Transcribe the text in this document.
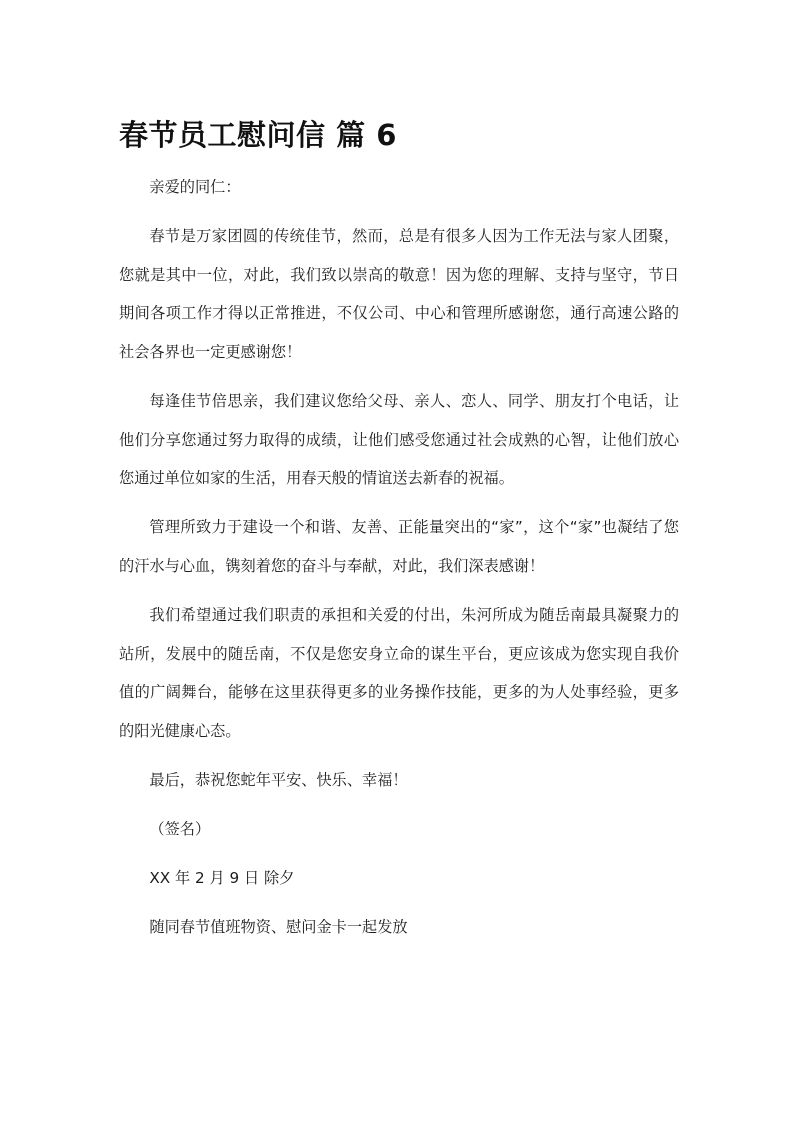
春节员工慰问信 篇 6

亲爱的同仁：

春节是万家团圆的传统佳节，然而，总是有很多人因为工作无法与家人团聚，您就是其中一位，对此，我们致以崇高的敬意！因为您的理解、支持与坚守，节日期间各项工作才得以正常推进，不仅公司、中心和管理所感谢您，通行高速公路的社会各界也一定更感谢您！

每逢佳节倍思亲，我们建议您给父母、亲人、恋人、同学、朋友打个电话，让他们分享您通过努力取得的成绩，让他们感受您通过社会成熟的心智，让他们放心您通过单位如家的生活，用春天般的情谊送去新春的祝福。

管理所致力于建设一个和谐、友善、正能量突出的“家”，这个“家”也凝结了您的汗水与心血，镌刻着您的奋斗与奉献，对此，我们深表感谢！

我们希望通过我们职责的承担和关爱的付出，朱河所成为随岳南最具凝聚力的站所，发展中的随岳南，不仅是您安身立命的谋生平台，更应该成为您实现自我价值的广阔舞台，能够在这里获得更多的业务操作技能，更多的为人处事经验，更多的阳光健康心态。

最后，恭祝您蛇年平安、快乐、幸福！

（签名）

XX 年 2 月 9 日 除夕

随同春节值班物资、慰问金卡一起发放
